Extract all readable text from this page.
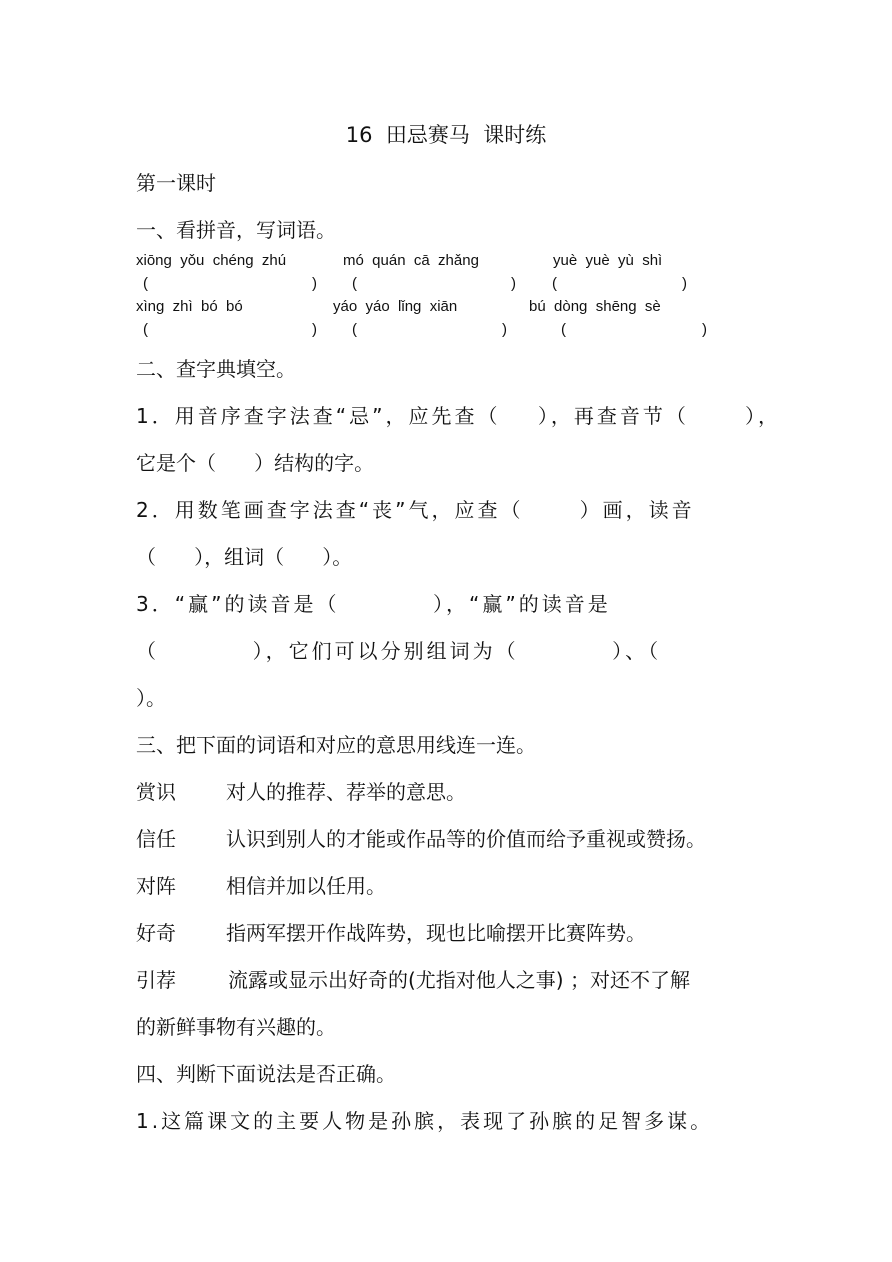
16  田忌赛马  课时练
第一课时
一、看拼音，写词语。
xiōng  yǒu  chéng  zhú	mó  quán  cā  zhǎng	yuè  yuè  yù  shì
(	) (	) (	)
xìng  zhì  bó  bó	yáo  yáo  lǐng  xiān	bú  dòng  shēng  sè
(	) (	)	(	)
二、查字典填空。
1．用音序查字法查“忌”，应先查（    ），再查音节（      ），
它是个（      ）结构的字。
2．用数笔画查字法查“丧”气，应查（      ）画，读音
（      ），组词（      ）。
3．“赢”的读音是（          ），“赢”的读音是
（          ），它们可以分别组词为（          ）、（
）。
三、把下面的词语和对应的意思用线连一连。
赏识	对人的推荐、荐举的意思。
信任	认识到别人的才能或作品等的价值而给予重视或赞扬。
对阵	相信并加以任用。
好奇	指两军摆开作战阵势，现也比喻摆开比赛阵势。
引荐	流露或显示出好奇的(尤指对他人之事) ；对还不了解
的新鲜事物有兴趣的。
四、判断下面说法是否正确。
1.这篇课文的主要人物是孙膑，表现了孙膑的足智多谋。
